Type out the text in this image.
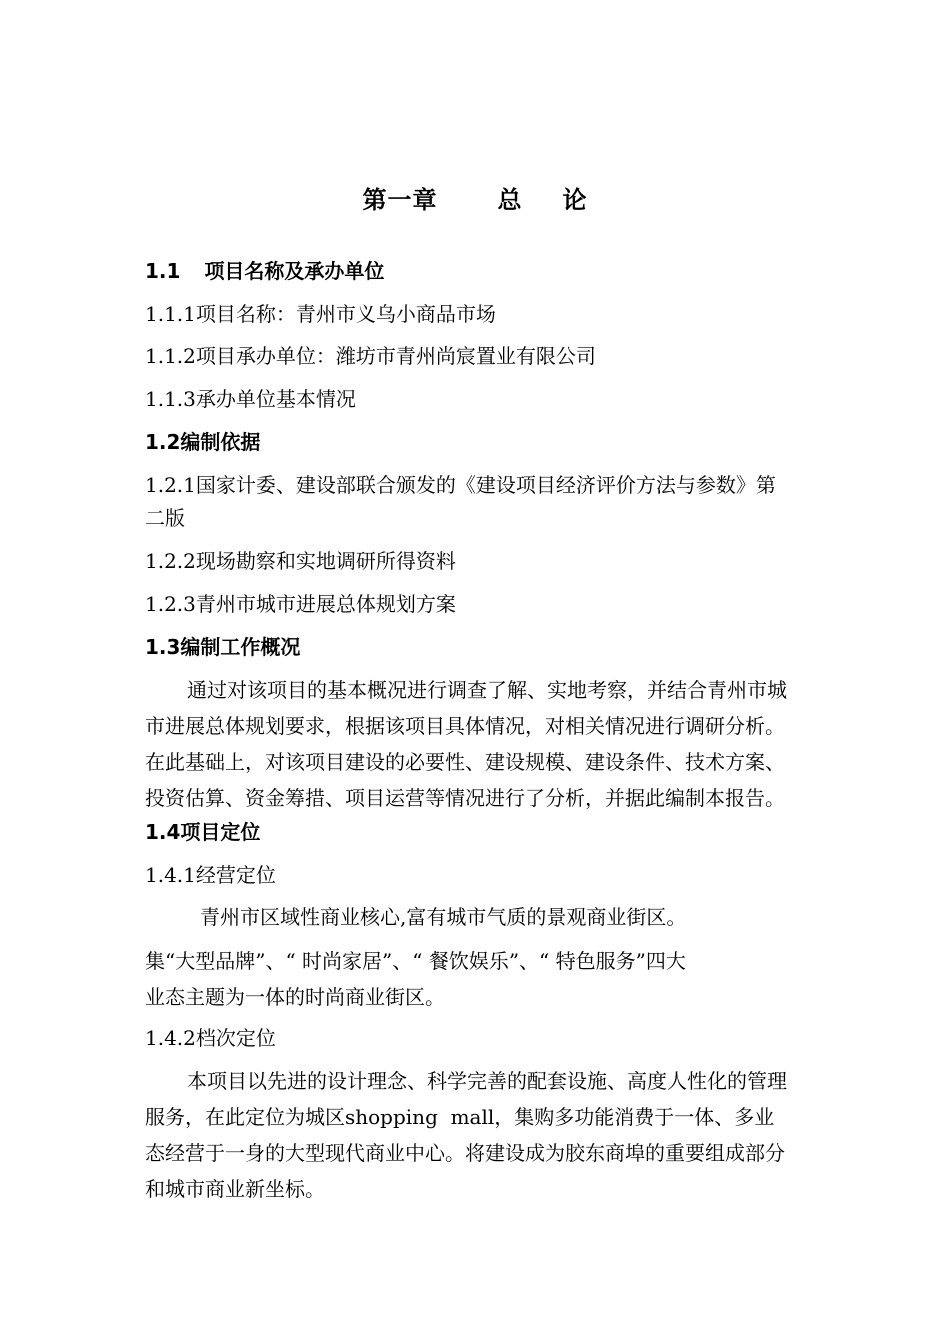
第一章	总 论
1.1 项目名称及承办单位
1.1.1项目名称：青州市义乌小商品市场
1.1.2项目承办单位：潍坊市青州尚宸置业有限公司
1.1.3承办单位基本情况
1.2编制依据
1.2.1国家计委、建设部联合颁发的《建设项目经济评价方法与参数》第
二版
1.2.2现场勘察和实地调研所得资料
1.2.3青州市城市进展总体规划方案
1.3编制工作概况

通过对该项目的基本概况进行调查了解、实地考察，并结合青州市城

市进展总体规划要求，根据该项目具体情况，对相关情况进行调研分析。

在此基础上，对该项目建设的必要性、建设规模、建设条件、技术方案、

投资估算、资金筹措、项目运营等情况进行了分析，并据此编制本报告。

1.4项目定位
1.4.1经营定位
青州市区域性商业核心,富有城市气质的景观商业街区。
集“大型品牌”、“ 时尚家居”、“ 餐饮娱乐”、“ 特色服务”四大
业态主题为一体的时尚商业街区。
1.4.2档次定位

本项目以先进的设计理念、科学完善的配套设施、高度人性化的管理

服务，在此定位为城区shopping  mall，集购多功能消费于一体、多业

态经营于一身的大型现代商业中心。将建设成为胶东商埠的重要组成部分

和城市商业新坐标。
